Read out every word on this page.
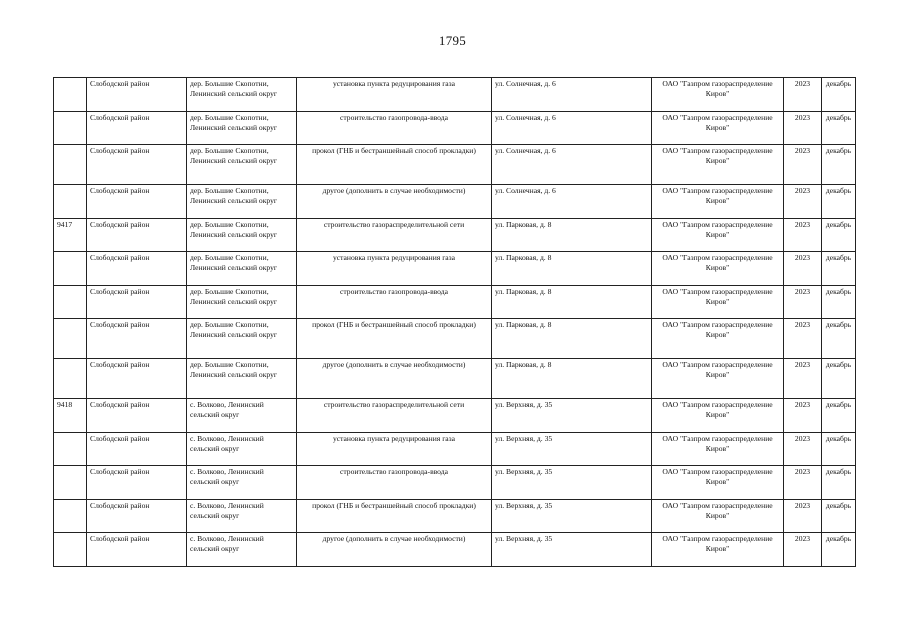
1795
	Слободской район	дер. Большие Скопотни, Ленинский сельский округ	установка пункта редуцирования газа	ул. Солнечная, д. 6	ОАО "Газпром газораспределение Киров"	2023	декабрь
	Слободской район	дер. Большие Скопотни, Ленинский сельский округ	строительство газопровода-ввода	ул. Солнечная, д. 6	ОАО "Газпром газораспределение Киров"	2023	декабрь
	Слободской район	дер. Большие Скопотни, Ленинский сельский округ	прокол (ГНБ и бестраншейный способ прокладки)	ул. Солнечная, д. 6	ОАО "Газпром газораспределение Киров"	2023	декабрь
	Слободской район	дер. Большие Скопотни, Ленинский сельский округ	другое (дополнить в случае необходимости)	ул. Солнечная, д. 6	ОАО "Газпром газораспределение Киров"	2023	декабрь
9417	Слободской район	дер. Большие Скопотни, Ленинский сельский округ	строительство газораспределительной сети	ул. Парковая, д. 8	ОАО "Газпром газораспределение Киров"	2023	декабрь
	Слободской район	дер. Большие Скопотни, Ленинский сельский округ	установка пункта редуцирования газа	ул. Парковая, д. 8	ОАО "Газпром газораспределение Киров"	2023	декабрь
	Слободской район	дер. Большие Скопотни, Ленинский сельский округ	строительство газопровода-ввода	ул. Парковая, д. 8	ОАО "Газпром газораспределение Киров"	2023	декабрь
	Слободской район	дер. Большие Скопотни, Ленинский сельский округ	прокол (ГНБ и бестраншейный способ прокладки)	ул. Парковая, д. 8	ОАО "Газпром газораспределение Киров"	2023	декабрь
	Слободской район	дер. Большие Скопотни, Ленинский сельский округ	другое (дополнить в случае необходимости)	ул. Парковая, д. 8	ОАО "Газпром газораспределение Киров"	2023	декабрь
9418	Слободской район	с. Волково, Ленинский сельский округ	строительство газораспределительной сети	ул. Верхняя, д. 35	ОАО "Газпром газораспределение Киров"	2023	декабрь
	Слободской район	с. Волково, Ленинский сельский округ	установка пункта редуцирования газа	ул. Верхняя, д. 35	ОАО "Газпром газораспределение Киров"	2023	декабрь
	Слободской район	с. Волково, Ленинский сельский округ	строительство газопровода-ввода	ул. Верхняя, д. 35	ОАО "Газпром газораспределение Киров"	2023	декабрь
	Слободской район	с. Волково, Ленинский сельский округ	прокол (ГНБ и бестраншейный способ прокладки)	ул. Верхняя, д. 35	ОАО "Газпром газораспределение Киров"	2023	декабрь
	Слободской район	с. Волково, Ленинский сельский округ	другое (дополнить в случае необходимости)	ул. Верхняя, д. 35	ОАО "Газпром газораспределение Киров"	2023	декабрь
